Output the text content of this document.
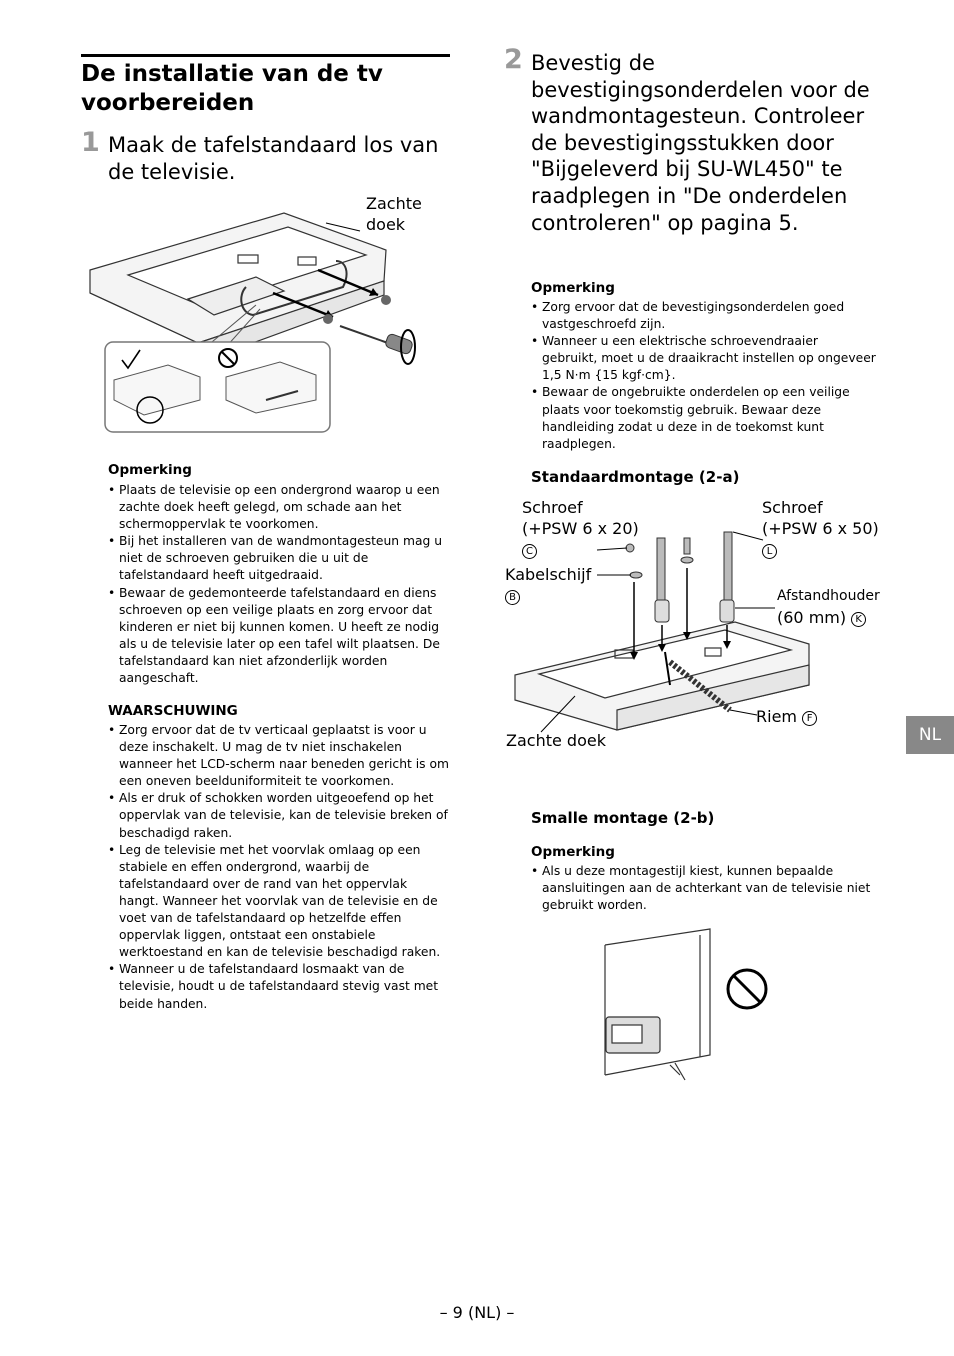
De installatie van de tv voorbereiden
1 Maak de tafelstandaard los van de televisie.
Zachte
doek
Opmerking
• Plaats de televisie op een ondergrond waarop u een zachte doek heeft gelegd, om schade aan het schermoppervlak te voorkomen.
• Bij het installeren van de wandmontagesteun mag u niet de schroeven gebruiken die u uit de tafelstandaard heeft uitgedraaid.
• Bewaar de gedemonteerde tafelstandaard en diens schroeven op een veilige plaats en zorg ervoor dat kinderen er niet bij kunnen komen. U heeft ze nodig als u de televisie later op een tafel wilt plaatsen. De tafelstandaard kan niet afzonderlijk worden aangeschaft.
WAARSCHUWING
• Zorg ervoor dat de tv verticaal geplaatst is voor u deze inschakelt. U mag de tv niet inschakelen wanneer het LCD-scherm naar beneden gericht is om een oneven beelduniformiteit te voorkomen.
• Als er druk of schokken worden uitgeoefend op het oppervlak van de televisie, kan de televisie breken of beschadigd raken.
• Leg de televisie met het voorvlak omlaag op een stabiele en effen ondergrond, waarbij de tafelstandaard over de rand van het oppervlak hangt. Wanneer het voorvlak van de televisie en de voet van de tafelstandaard op hetzelfde effen oppervlak liggen, ontstaat een onstabiele werktoestand en kan de televisie beschadigd raken.
• Wanneer u de tafelstandaard losmaakt van de televisie, houdt u de tafelstandaard stevig vast met beide handen.
2 Bevestig de bevestigingsonderdelen voor de wandmontagesteun. Controleer de bevestigingsstukken door "Bijgeleverd bij SU-WL450" te raadplegen in "De onderdelen controleren" op pagina 5.
Opmerking
• Zorg ervoor dat de bevestigingsonderdelen goed vastgeschroefd zijn.
• Wanneer u een elektrische schroevendraaier gebruikt, moet u de draaikracht instellen op ongeveer 1,5 N·m {15 kgf·cm}.
• Bewaar de ongebruikte onderdelen op een veilige plaats voor toekomstig gebruik. Bewaar deze handleiding zodat u deze in de toekomst kunt raadplegen.
Standaardmontage (2-a)
Schroef
(+PSW 6 x 20)
C
Kabelschijf
B
Schroef
(+PSW 6 x 50)
L
Afstandhouder
(60 mm) K
Riem F
Zachte doek	NL
Smalle montage (2-b)
Opmerking
• Als u deze montagestijl kiest, kunnen bepaalde aansluitingen aan de achterkant van de televisie niet gebruikt worden.
– 9 (NL) –
